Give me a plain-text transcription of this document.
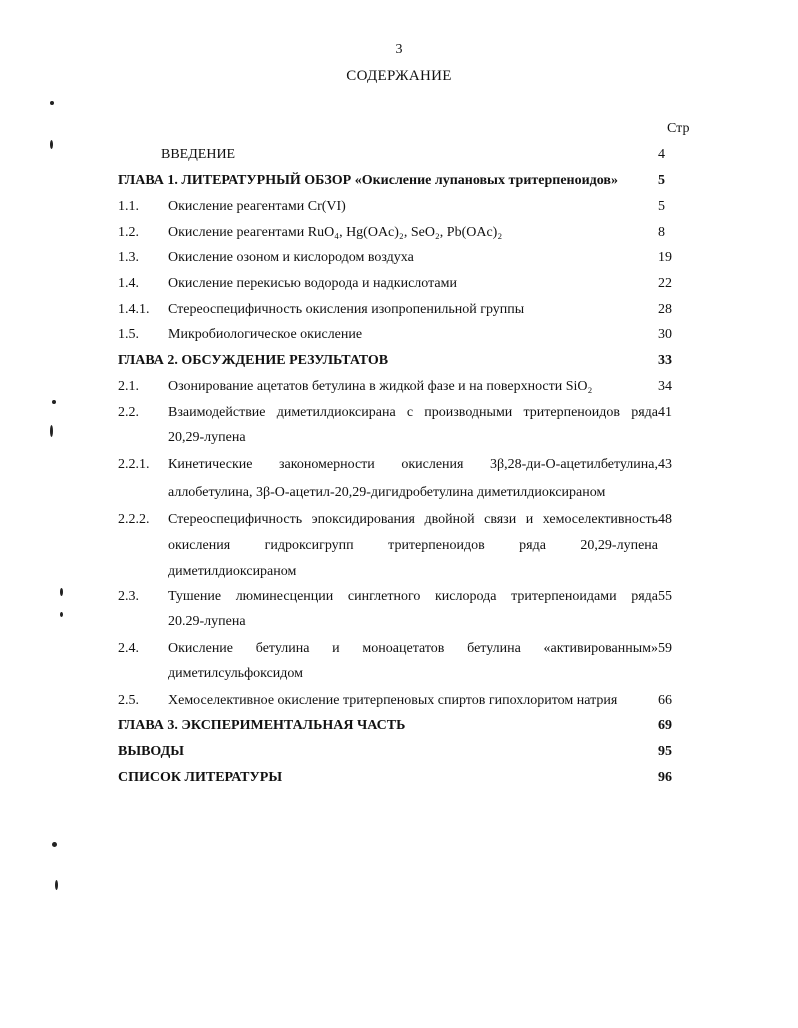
3
СОДЕРЖАНИЕ
Стр
ВВЕДЕНИЕ	4
ГЛАВА 1. ЛИТЕРАТУРНЫЙ ОБЗОР «Окисление лупановых тритерпеноидов»	5
1.1. Окисление реагентами Cr(VI)	5
1.2. Окисление реагентами RuO₄, Hg(OAc)₂, SeO₂, Pb(OAc)₂	8
1.3. Окисление озоном и кислородом воздуха	19
1.4. Окисление перекисью водорода и надкислотами	22
1.4.1. Стереоспецифичность окисления изопропенильной группы	28
1.5. Микробиологическое окисление	30
ГЛАВА 2. ОБСУЖДЕНИЕ РЕЗУЛЬТАТОВ	33
2.1. Озонирование ацетатов бетулина в жидкой фазе и на поверхности SiO₂	34
2.2. Взаимодействие диметилдиоксирана с производными тритерпеноидов ряда 41
20,29-лупена
2.2.1. Кинетические закономерности окисления 3β,28-ди-O-ацетилбетулина, 43
аллобетулина, 3β-O-ацетил-20,29-дигидробетулина диметилдиоксираном
2.2.2. Стереоспецифичность эпоксидирования двойной связи и хемоселективность 48
окисления гидроксигрупп тритерпеноидов ряда 20,29-лупена
диметилдиоксираном
2.3. Тушение люминесценции синглетного кислорода тритерпеноидами ряда 55
20.29-лупена
2.4. Окисление бетулина и моноацетатов бетулина «активированным» 59
диметилсульфоксидом
2.5. Хемоселективное окисление тритерпеновых спиртов гипохлоритом натрия	66
ГЛАВА 3. ЭКСПЕРИМЕНТАЛЬНАЯ ЧАСТЬ	69
ВЫВОДЫ	95
СПИСОК ЛИТЕРАТУРЫ	96
